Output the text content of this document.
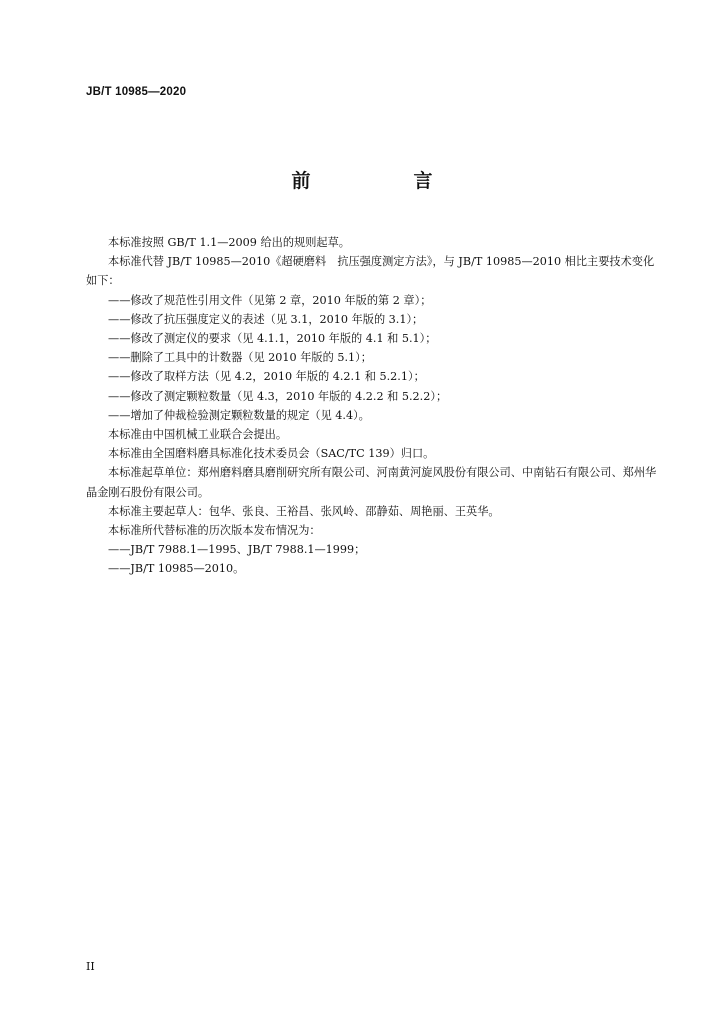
JB/T 10985—2020
前　言

本标准按照 GB/T 1.1—2009 给出的规则起草。

本标准代替 JB/T 10985—2010《超硬磨料　抗压强度测定方法》，与 JB/T 10985—2010 相比主要技术变化如下：

——修改了规范性引用文件（见第 2 章，2010 年版的第 2 章）；

——修改了抗压强度定义的表述（见 3.1，2010 年版的 3.1）；

——修改了测定仪的要求（见 4.1.1，2010 年版的 4.1 和 5.1）；

——删除了工具中的计数器（见 2010 年版的 5.1）；

——修改了取样方法（见 4.2，2010 年版的 4.2.1 和 5.2.1）；

——修改了测定颗粒数量（见 4.3，2010 年版的 4.2.2 和 5.2.2）；

——增加了仲裁检验测定颗粒数量的规定（见 4.4）。

本标准由中国机械工业联合会提出。

本标准由全国磨料磨具标准化技术委员会（SAC/TC 139）归口。

本标准起草单位：郑州磨料磨具磨削研究所有限公司、河南黄河旋风股份有限公司、中南钻石有限公司、郑州华晶金刚石股份有限公司。

本标准主要起草人：包华、张良、王裕昌、张风岭、邵静茹、周艳丽、王英华。

本标准所代替标准的历次版本发布情况为：

——JB/T 7988.1—1995、JB/T 7988.1—1999；

——JB/T 10985—2010。

II
